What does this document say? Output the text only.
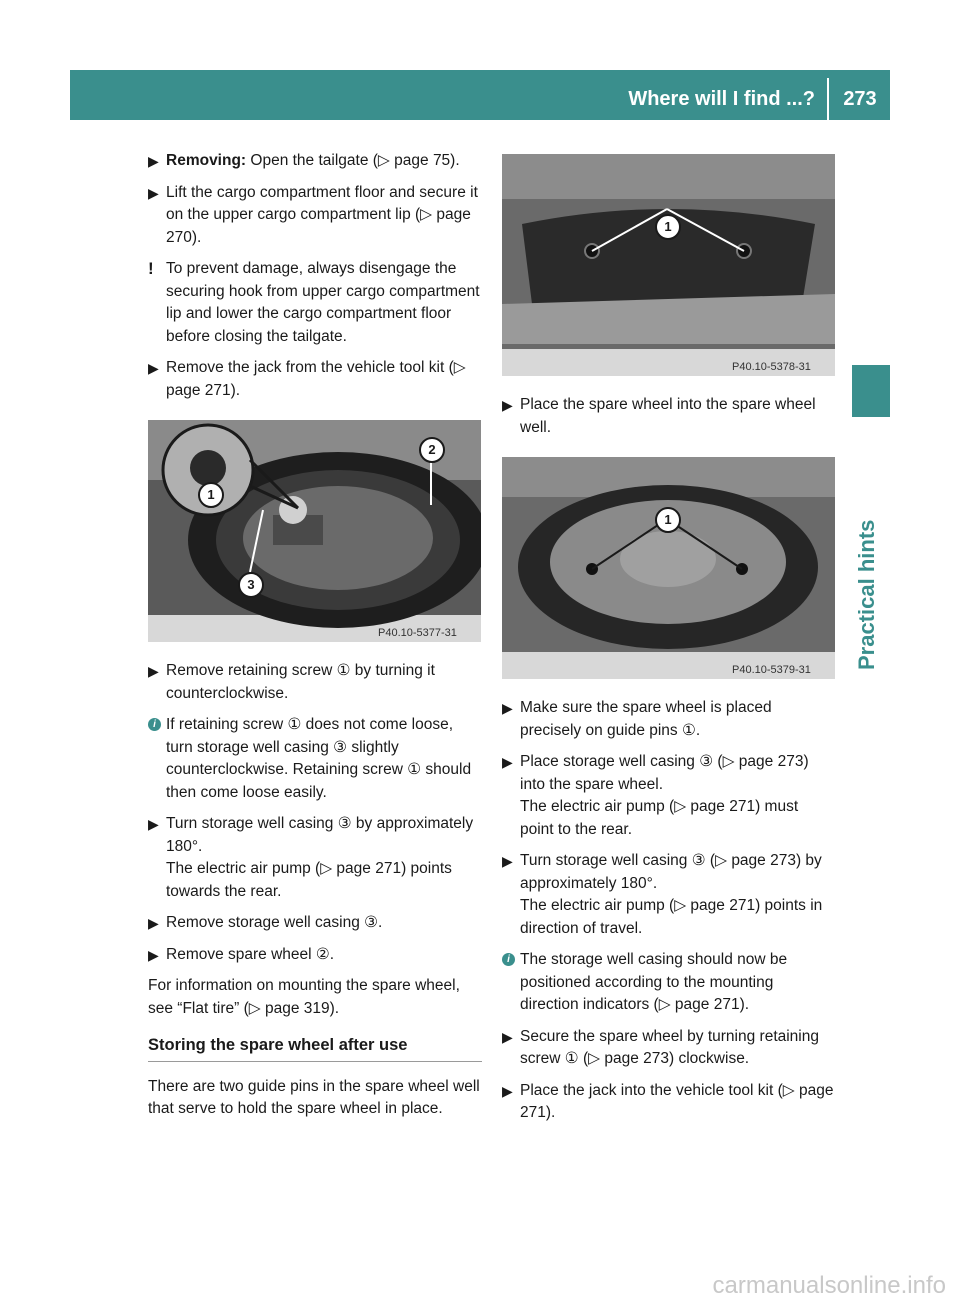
Where will I find ...?	273
Practical hints
▶ Removing: Open the tailgate (▷ page 75).
▶ Lift the cargo compartment floor and secure it on the upper cargo compartment lip (▷ page 270).
! To prevent damage, always disengage the securing hook from upper cargo compartment lip and lower the cargo compartment floor before closing the tailgate.
▶ Remove the jack from the vehicle tool kit (▷ page 271).
P40.10-5377-31
1
2
3
▶ Remove retaining screw ① by turning it counterclockwise.
i If retaining screw ① does not come loose, turn storage well casing ③ slightly counterclockwise. Retaining screw ① should then come loose easily.
▶ Turn storage well casing ③ by approximately 180°.
The electric air pump (▷ page 271) points towards the rear.
▶ Remove storage well casing ③.
▶ Remove spare wheel ②.
For information on mounting the spare wheel, see “Flat tire” (▷ page 319).
Storing the spare wheel after use
There are two guide pins in the spare wheel well that serve to hold the spare wheel in place.
P40.10-5378-31
1
▶ Place the spare wheel into the spare wheel well.
P40.10-5379-31
1
▶ Make sure the spare wheel is placed precisely on guide pins ①.
▶ Place storage well casing ③ (▷ page 273) into the spare wheel.
The electric air pump (▷ page 271) must point to the rear.
▶ Turn storage well casing ③ (▷ page 273) by approximately 180°.
The electric air pump (▷ page 271) points in direction of travel.
i The storage well casing should now be positioned according to the mounting direction indicators (▷ page 271).
▶ Secure the spare wheel by turning retaining screw ① (▷ page 273) clockwise.
▶ Place the jack into the vehicle tool kit (▷ page 271).
carmanualsonline.info
